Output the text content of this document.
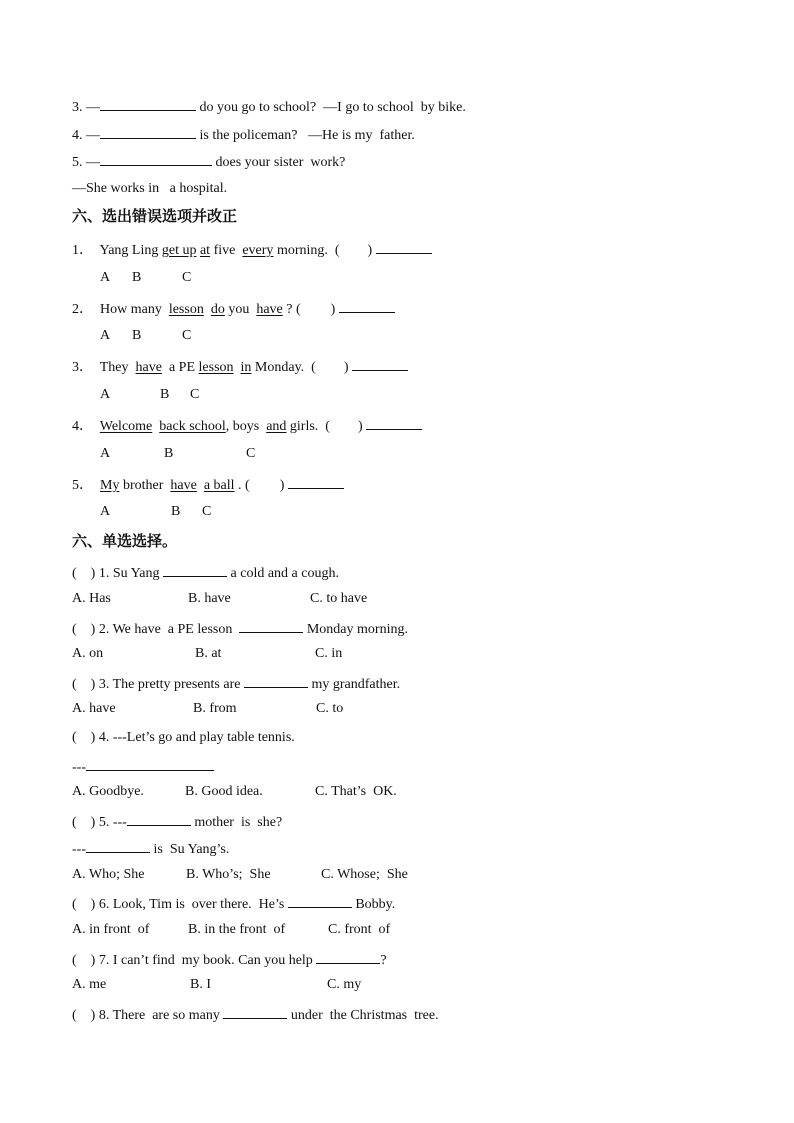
3. —	do you go to school?  —I go to school  by bike.
4. —	is the policeman?   —He is my  father.
5. —	does your sister  work?
—She works in   a hospital.
六、选出错误选项并改正
1． Yang Ling get up at five  every morning.  ( )
A B	C
2． How many  lesson do you  have ? ( )
A B	C
3． They  have  a PE lesson in Monday.  ( )
A	B C
4． Welcome back school, boys  and girls.  ( )
A	B	C
5． My brother  have a ball . ( )
A	B C
六、单选选择。
(    ) 1. Su Yang	a cold and a cough.
A. Has	B. have	C. to have
(    ) 2. We have  a PE lesson	Monday morning.
A. on	B. at	C. in
(    ) 3. The pretty presents are	my grandfather.
A. have	B. from	C. to
(    ) 4. ---Let’s go and play table tennis.
---
A. Goodbye.	B. Good idea.	C. That’s  OK.
(    ) 5. ---	mother  is  she?
---	is  Su Yang’s.
A. Who; She	B. Who’s;  She	C. Whose;  She
(    ) 6. Look, Tim is  over there.  He’s	Bobby.
A. in front  of	B. in the front  of	C. front  of
(    ) 7. I can’t find  my book. Can you help	?
A. me	B. I	C. my
(    ) 8. There  are so many	under  the Christmas  tree.
